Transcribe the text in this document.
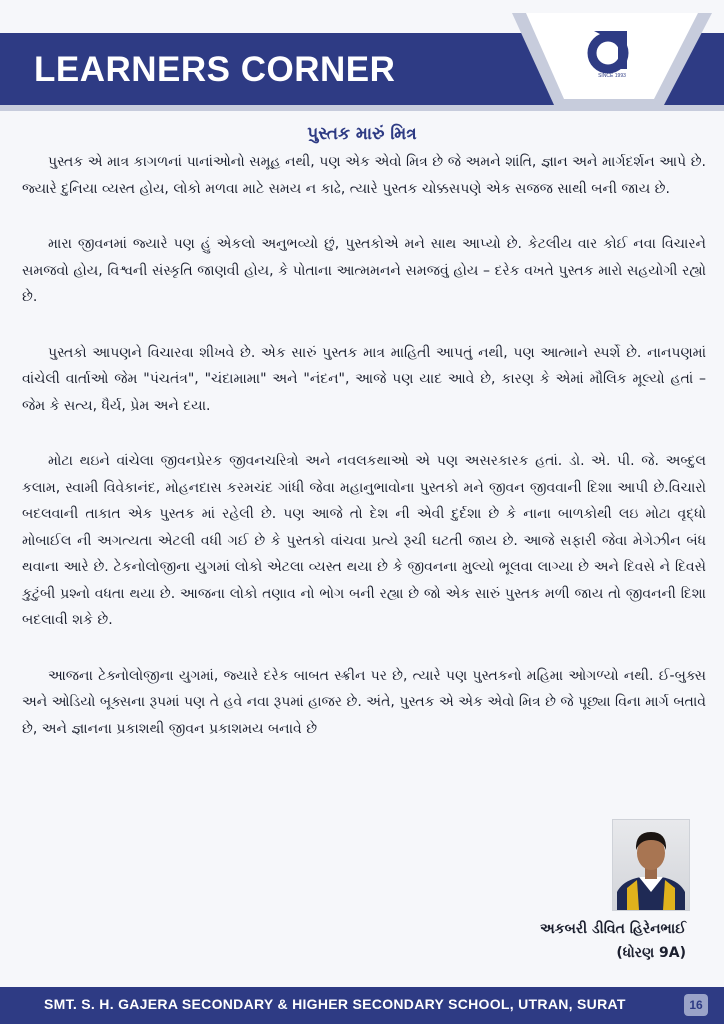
LEARNERS CORNER	SINCE 1993
પુસ્તક મારું મિત્ર

પુસ્તક એ માત્ર કાગળનાં પાનાંઓનો સમૂહ નથી, પણ એક એવો મિત્ર છે જે અમને શાંતિ, જ્ઞાન અને માર્ગદર્શન આપે છે. જ્યારે દુનિયા વ્યસ્ત હોય, લોકો મળવા માટે સમય ન કાઢે, ત્યારે પુસ્તક ચોક્કસપણે એક સજજ સાથી બની જાય છે.

મારા જીવનમાં જ્યારે પણ હું એકલો અનુભવ્યો છું, પુસ્તકોએ મને સાથ આપ્યો છે. કેટલીય વાર કોઈ નવા વિચારને સમજવો હોય, વિશ્વની સંસ્કૃતિ જાણવી હોય, કે પોતાના આત્મમનને સમજવું હોય – દરેક વખતે પુસ્તક મારો સહયોગી રહ્યો છે.

પુસ્તકો આપણને વિચારવા શીખવે છે. એક સારું પુસ્તક માત્ર માહિતી આપતું નથી, પણ આત્માને સ્પર્શે છે. નાનપણમાં વાંચેલી વાર્તાઓ જેમ "પંચતંત્ર", "ચંદામામા" અને "નંદન", આજે પણ યાદ આવે છે, કારણ કે એમાં મૌલિક મૂલ્યો હતાં – જેમ કે સત્ય, ધૈર્ય, પ્રેમ અને દયા.

મોટા થઇને વાંચેલા જીવનપ્રેરક જીવનચરિત્રો અને નવલકથાઓ એ પણ અસરકારક હતાં. ડો. એ. પી. જે. અબ્દુલ કલામ, સ્વામી વિવેકાનંદ, મોહનદાસ કરમચંદ ગાંધી જેવા મહાનુભાવોના પુસ્તકો મને જીવન જીવવાની દિશા આપી છે.વિચારો બદલવાની તાકાત એક પુસ્તક માં રહેલી છે. પણ આજે તો દેશ ની એવી દુર્દશા છે કે નાના બાળકોથી લઇ મોટા વૃદ્ધો મોબાઈલ ની અગત્યતા એટલી વધી ગઈ છે કે પુસ્તકો વાંચવા પ્રત્યે રૂચી ઘટતી જાય છે. આજે સફારી જેવા મેગેઝીન બંધ થવાના આરે છે. ટેકનોલોજીના યુગમાં લોકો એટલા વ્યસ્ત થયા છે કે જીવનના મુલ્યો ભૂલવા લાગ્યા છે અને દિવસે ને દિવસે કુટુંબી પ્રશ્નો વધતા થયા છે. આજના લોકો તણાવ નો ભોગ બની રહ્યા છે જો એક સારું પુસ્તક મળી જાય તો જીવનની દિશા બદલાવી શકે છે.

આજના ટેક્નોલોજીના યુગમાં, જ્યારે દરેક બાબત સ્ક્રીન પર છે, ત્યારે પણ પુસ્તકનો મહિમા ઓગળ્યો નથી. ઈ-બુક્સ અને ઓડિયો બૂક્સના રૂપમાં પણ તે હવે નવા રૂપમાં હાજર છે. અંતે, પુસ્તક એ એક એવો મિત્ર છે જે પૂછ્યા વિના માર્ગ બતાવે છે, અને જ્ઞાનના પ્રકાશથી જીવન પ્રકાશમય બનાવે છે

અકબરી ડીવિત હિરેનભાઈ
(ધોરણ 9A)
SMT. S. H. GAJERA SECONDARY & HIGHER SECONDARY SCHOOL, UTRAN, SURAT	16
